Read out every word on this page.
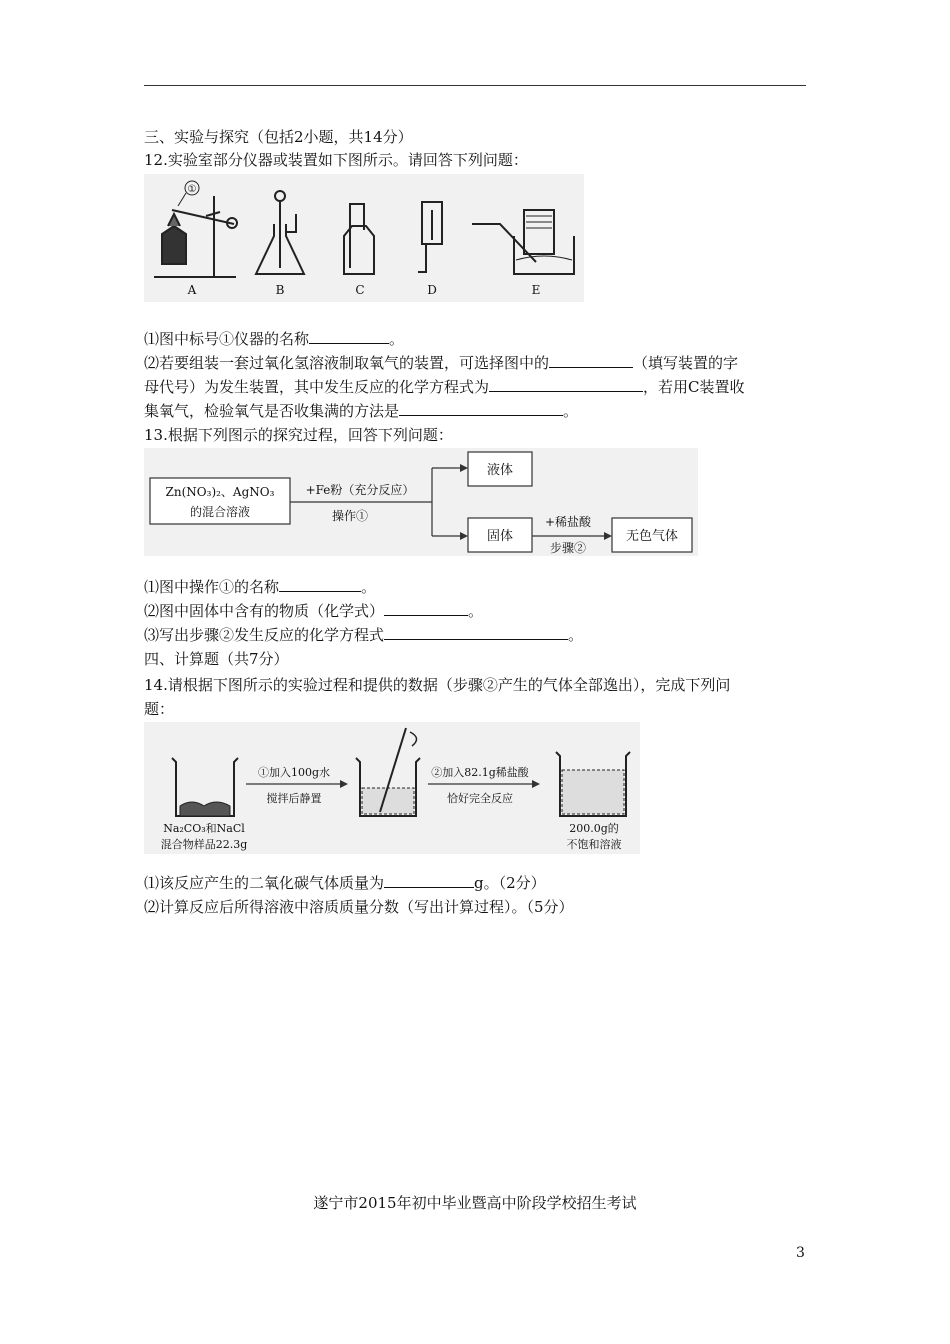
三、实验与探究（包括2小题，共14分）
12.实验室部分仪器或装置如下图所示。请回答下列问题：
①
A	B	C	D	E
⑴图中标号①仪器的名称	。
⑵若要组装一套过氧化氢溶液制取氧气的装置，可选择图中的	（填写装置的字
母代号）为发生装置，其中发生反应的化学方程式为	，若用C装置收
集氧气，检验氧气是否收集满的方法是	。
13.根据下列图示的探究过程，回答下列问题：
Zn(NO₃)₂、AgNO₃
的混合溶液
+Fe粉（充分反应）
操作①
液体
固体
+稀盐酸
步骤②
无色气体
⑴图中操作①的名称	。
⑵图中固体中含有的物质（化学式）	。
⑶写出步骤②发生反应的化学方程式	。
四、计算题（共7分）
14.请根据下图所示的实验过程和提供的数据（步骤②产生的气体全部逸出），完成下列问
题：
Na₂CO₃和NaCl
混合物样品22.3g
①加入100g水
搅拌后静置
②加入82.1g稀盐酸
恰好完全反应
200.0g的
不饱和溶液
⑴该反应产生的二氧化碳气体质量为	g。（2分）
⑵计算反应后所得溶液中溶质质量分数（写出计算过程）。（5分）
遂宁市2015年初中毕业暨高中阶段学校招生考试
3
